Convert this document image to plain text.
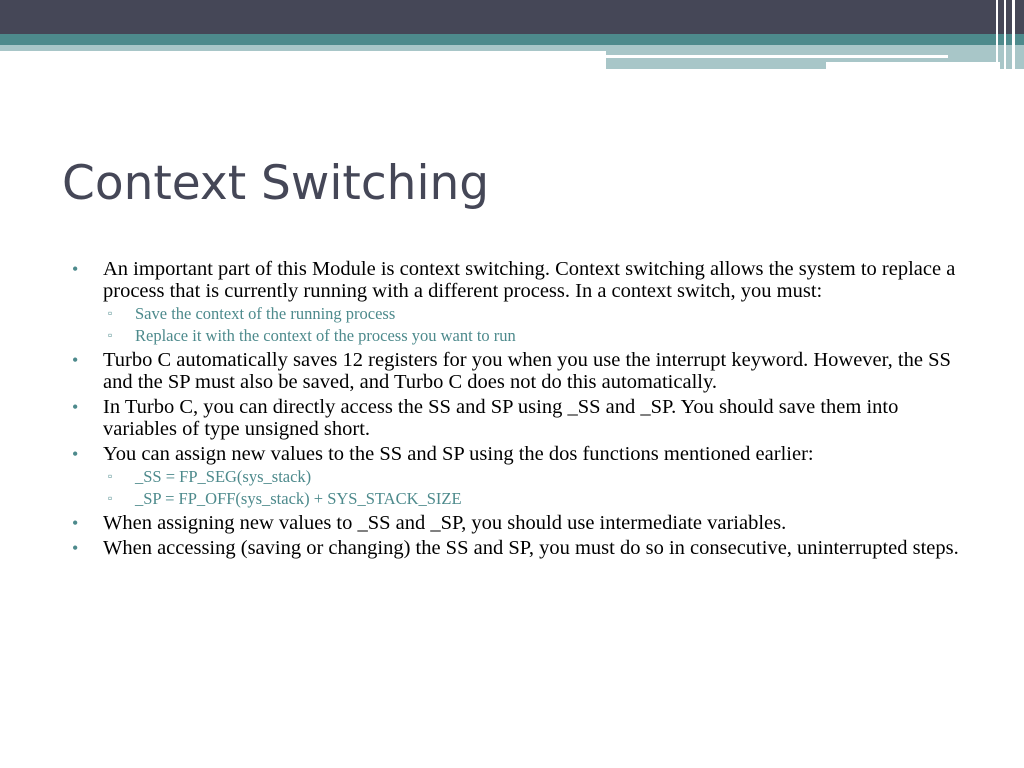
Context Switching
• An important part of this Module is context switching. Context switching allows the system to replace a process that is currently running with a different process. In a context switch, you must:
▫ Save the context of the running process
▫ Replace it with the context of the process you want to run
• Turbo C automatically saves 12 registers for you when you use the interrupt keyword. However, the SS and the SP must also be saved, and Turbo C does not do this automatically.
• In Turbo C, you can directly access the SS and SP using _SS and _SP. You should save them into variables of type unsigned short.
• You can assign new values to the SS and SP using the dos functions mentioned earlier:
▫ _SS = FP_SEG(sys_stack)
▫ _SP = FP_OFF(sys_stack) + SYS_STACK_SIZE
• When assigning new values to _SS and _SP, you should use intermediate variables.
• When accessing (saving or changing) the SS and SP, you must do so in consecutive, uninterrupted steps.
